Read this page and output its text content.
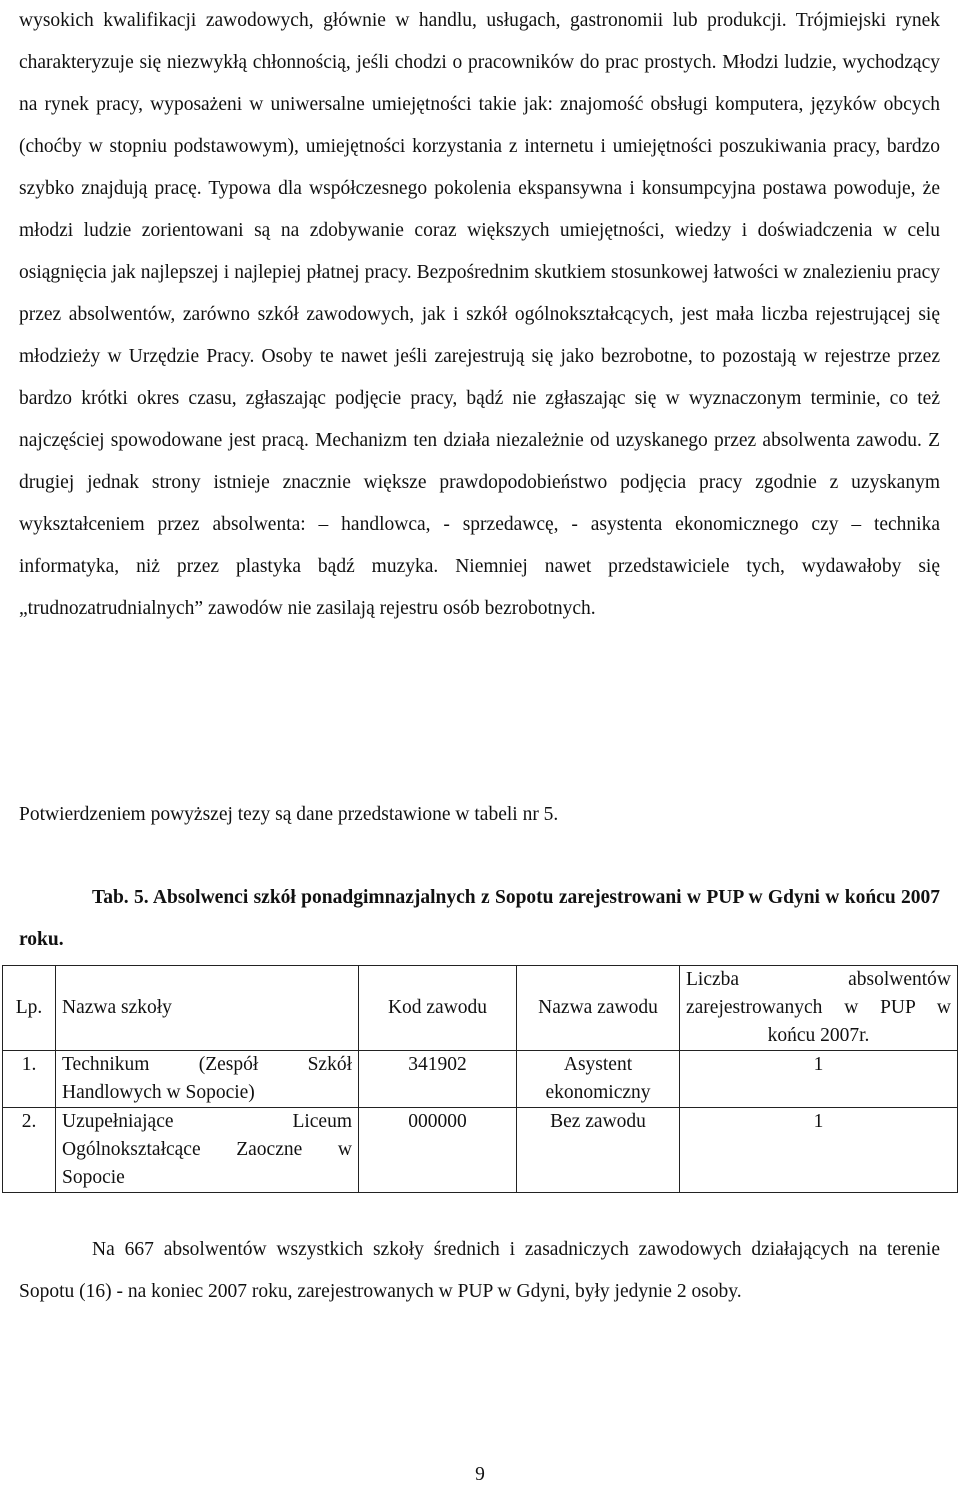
wysokich kwalifikacji zawodowych, głównie w handlu, usługach, gastronomii lub produkcji. Trójmiejski rynek charakteryzuje się niezwykłą chłonnością, jeśli chodzi o pracowników do prac prostych. Młodzi ludzie, wychodzący na rynek pracy, wyposażeni w uniwersalne umiejętności takie jak: znajomość obsługi komputera, języków obcych (choćby w stopniu podstawowym), umiejętności korzystania z internetu i umiejętności poszukiwania pracy, bardzo szybko znajdują pracę. Typowa dla współczesnego pokolenia ekspansywna i konsumpcyjna postawa powoduje, że młodzi ludzie zorientowani są na zdobywanie coraz większych umiejętności, wiedzy i doświadczenia w celu osiągnięcia jak najlepszej i najlepiej płatnej pracy. Bezpośrednim skutkiem stosunkowej łatwości w znalezieniu pracy przez absolwentów, zarówno szkół zawodowych, jak i szkół ogólnokształcących, jest mała liczba rejestrującej się młodzieży w Urzędzie Pracy. Osoby te nawet jeśli zarejestrują się jako bezrobotne, to pozostają w rejestrze przez bardzo krótki okres czasu, zgłaszając podjęcie pracy, bądź nie zgłaszając się w wyznaczonym terminie, co też najczęściej spowodowane jest pracą. Mechanizm ten działa niezależnie od uzyskanego przez absolwenta zawodu. Z drugiej jednak strony istnieje znacznie większe prawdopodobieństwo podjęcia pracy zgodnie z uzyskanym wykształceniem przez absolwenta: – handlowca, - sprzedawcę, - asystenta ekonomicznego czy – technika informatyka, niż przez plastyka bądź muzyka. Niemniej nawet przedstawiciele tych, wydawałoby się „trudnozatrudnialnych” zawodów nie zasilają rejestru osób bezrobotnych.

Potwierdzeniem powyższej tezy są dane przedstawione w tabeli nr 5.

Tab. 5. Absolwenci szkół ponadgimnazjalnych z Sopotu zarejestrowani w PUP w Gdyni w końcu 2007 roku.

Lp.	Nazwa szkoły	Kod zawodu	Nazwa zawodu	Liczba absolwentów zarejestrowanych w PUP w końcu 2007r.
1.	Technikum (Zespół Szkół Handlowych w Sopocie)	341902	Asystent ekonomiczny	1
2.	Uzupełniające Liceum Ogólnokształcące Zaoczne w Sopocie	000000	Bez zawodu	1

Na 667 absolwentów wszystkich szkoły średnich i zasadniczych zawodowych działających na terenie Sopotu (16) - na koniec 2007 roku, zarejestrowanych w PUP w Gdyni, były jedynie 2 osoby.

9
